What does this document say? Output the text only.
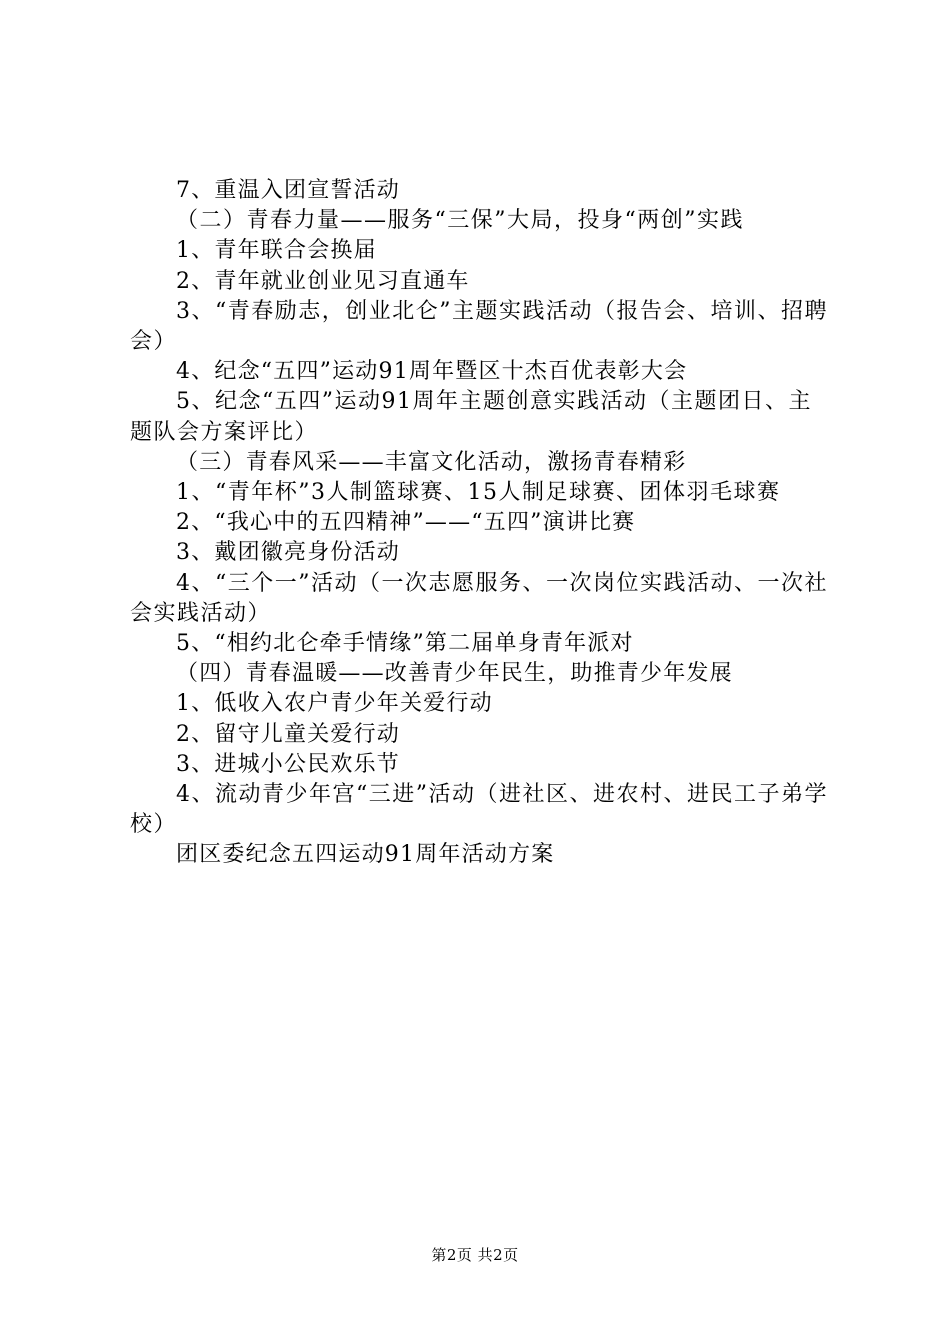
7、重温入团宣誓活动

（二）青春力量——服务“三保”大局，投身“两创”实践

1、青年联合会换届

2、青年就业创业见习直通车

3、“青春励志，创业北仑”主题实践活动（报告会、培训、招聘会）

4、纪念“五四”运动91周年暨区十杰百优表彰大会

5、纪念“五四”运动91周年主题创意实践活动（主题团日、主题队会方案评比）

（三）青春风采——丰富文化活动，激扬青春精彩

1、“青年杯”3人制篮球赛、15人制足球赛、团体羽毛球赛

2、“我心中的五四精神”——“五四”演讲比赛

3、戴团徽亮身份活动

4、“三个一”活动（一次志愿服务、一次岗位实践活动、一次社会实践活动）

5、“相约北仑牵手情缘”第二届单身青年派对

（四）青春温暖——改善青少年民生，助推青少年发展

1、低收入农户青少年关爱行动

2、留守儿童关爱行动

3、进城小公民欢乐节

4、流动青少年宫“三进”活动（进社区、进农村、进民工子弟学校）

团区委纪念五四运动91周年活动方案

第2页 共2页
